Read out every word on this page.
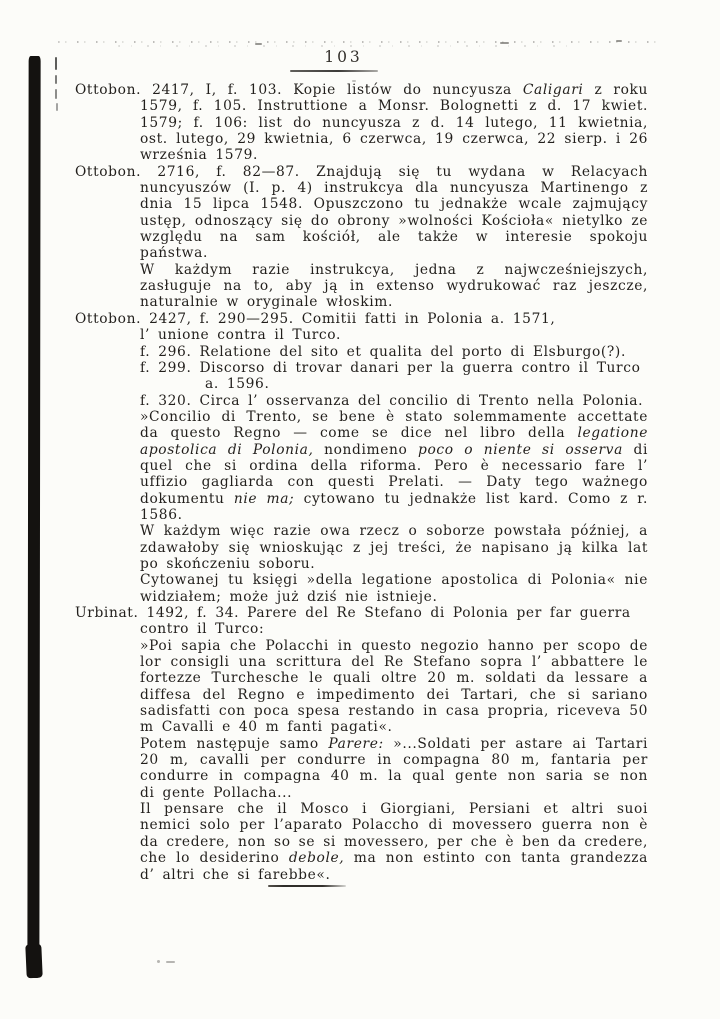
103

Ottobon. 2417, I, f. 103. Kopie listów do nuncyusza Caligari z roku 1579, f. 105. Instruttione a Monsr. Bolognetti z d. 17 kwiet. 1579; f. 106: list do nuncyusza z d. 14 lutego, 11 kwietnia, ost. lutego, 29 kwietnia, 6 czerwca, 19 czerwca, 22 sierp. i 26 września 1579.

Ottobon. 2716, f. 82—87. Znajdują się tu wydana w Relacyach nuncyuszów (I. p. 4) instrukcya dla nuncyusza Martinengo z dnia 15 lipca 1548. Opuszczono tu jednakże wcale zajmujący ustęp, odnoszący się do obrony »wolności Kościoła« nietylko ze względu na sam kościół, ale także w interesie spokoju państwa.

W każdym razie instrukcya, jedna z najwcześniejszych, zasługuje na to, aby ją in extenso wydrukować raz jeszcze, naturalnie w oryginale włoskim.

Ottobon. 2427, f. 290—295. Comitii fatti in Polonia a. 1571,
l’ unione contra il Turco.

f. 296. Relatione del sito et qualita del porto di Elsburgo(?).

f. 299. Discorso di trovar danari per la guerra contro il Turco

a. 1596.

f. 320. Circa l’ osservanza del concilio di Trento nella Polonia.

»Concilio di Trento, se bene è stato solemmamente accettate da questo Regno — come se dice nel libro della legatione apostolica di Polonia, nondimeno poco o niente si osserva di quel che si ordina della riforma. Pero è necessario fare l’ uffizio gagliarda con questi Prelati. — Daty tego ważnego dokumentu nie ma; cytowano tu jednakże list kard. Como z r. 1586.

W każdym więc razie owa rzecz o soborze powstała później, a zdawałoby się wnioskując z jej treści, że napisano ją kilka lat po skończeniu soboru.

Cytowanej tu księgi »della legatione apostolica di Polonia« nie widziałem; może już dziś nie istnieje.

Urbinat. 1492, f. 34. Parere del Re Stefano di Polonia per far guerra
contro il Turco:

»Poi sapia che Polacchi in questo negozio hanno per scopo de lor consigli una scrittura del Re Stefano sopra l’ abbattere le fortezze Turchesche le quali oltre 20 m. soldati da lessare a diffesa del Regno e impedimento dei Tartari, che si sariano sadisfatti con poca spesa restando in casa propria, riceveva 50 m Cavalli e 40 m fanti pagati«.

Potem następuje samo Parere: »...Soldati per astare ai Tartari 20 m, cavalli per condurre in compagna 80 m, fantaria per condurre in compagna 40 m. la qual gente non saria se non di gente Pollacha...

Il pensare che il Mosco i Giorgiani, Persiani et altri suoi nemici solo per l’aparato Polaccho di movessero guerra non è da credere, non so se si movessero, per che è ben da credere, che lo desiderino debole, ma non estinto con tanta grandezza d’ altri che si farebbe«.
